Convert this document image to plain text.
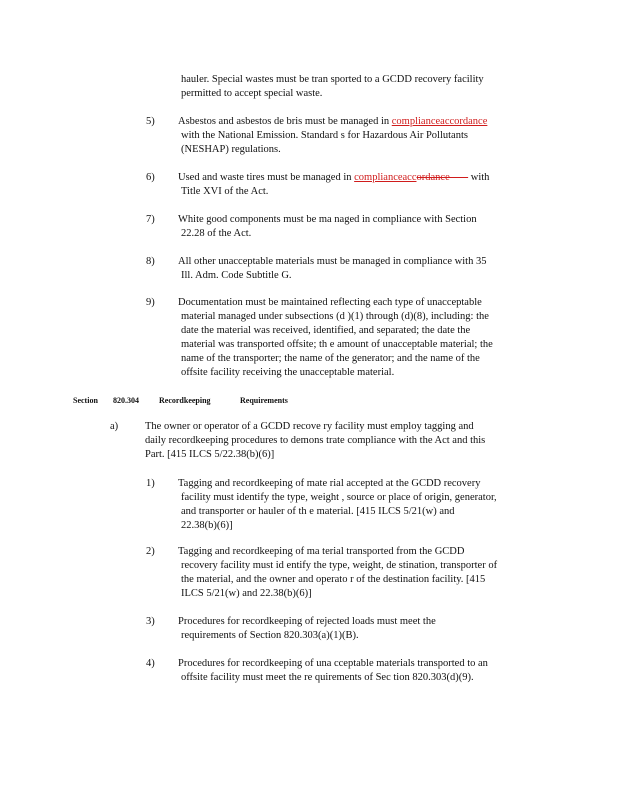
hauler. Special wastes must be tran sported to a GCDD recovery facility
permitted to accept special waste.
5) Asbestos and asbestos de bris must be managed in complianceaccordance
with the National Emission. Standard s for Hazardous Air Pollutants
(NESHAP) regulations.
6) Used and waste tires must be managed in complianceaccordance        with
Title XVI of the Act.
7) White good components must be ma naged in compliance with Section
22.28 of the Act.
8) All other unacceptable materials must be managed in compliance with 35
Ill. Adm. Code Subtitle G.
9) Documentation must be maintained reflecting each type of unacceptable
material managed under subsections (d )(1) through (d)(8), including: the
date the material was received, identified, and separated; the date the
material was transported offsite; th e amount of unacceptable material; the
name of the transporter; the name of the generator; and the name of the
offsite facility receiving the unacceptable material.
Section 820.304	Recordkeeping	Requirements
a)	The owner or operator of a GCDD recove ry facility must employ tagging and
daily recordkeeping procedures to demons trate compliance with the Act and this
Part. [415 ILCS 5/22.38(b)(6)]
1) Tagging and recordkeeping of mate rial accepted at the GCDD recovery
facility must identify the type, weight , source or place of origin, generator,
and transporter or hauler of th e material. [415 ILCS 5/21(w) and
22.38(b)(6)]
2) Tagging and recordkeeping of ma terial transported from the GCDD
recovery facility must id entify the type, weight, de stination, transporter of
the material, and the owner and operato r of the destination facility. [415
ILCS 5/21(w) and 22.38(b)(6)]
3) Procedures for recordkeeping of rejected loads must meet the
requirements of Section 820.303(a)(1)(B).
4) Procedures for recordkeeping of una cceptable materials transported to an
offsite facility must meet the re quirements of Sec tion 820.303(d)(9).
